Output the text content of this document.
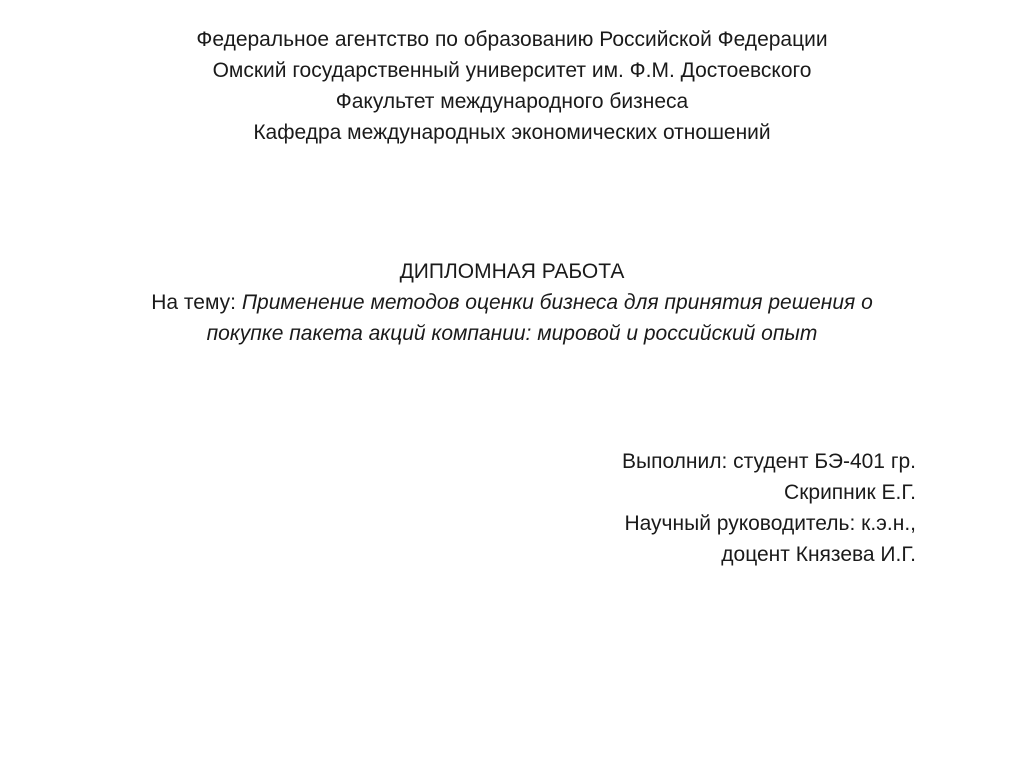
Федеральное агентство по образованию Российской Федерации
Омский государственный университет им. Ф.М. Достоевского
Факультет международного бизнеса
Кафедра международных экономических отношений
ДИПЛОМНАЯ РАБОТА
На тему: Применение методов оценки бизнеса для принятия решения о
покупке пакета акций компании: мировой и российский опыт
Выполнил: студент БЭ-401 гр.
Скрипник Е.Г.
Научный руководитель: к.э.н.,
доцент Князева И.Г.
